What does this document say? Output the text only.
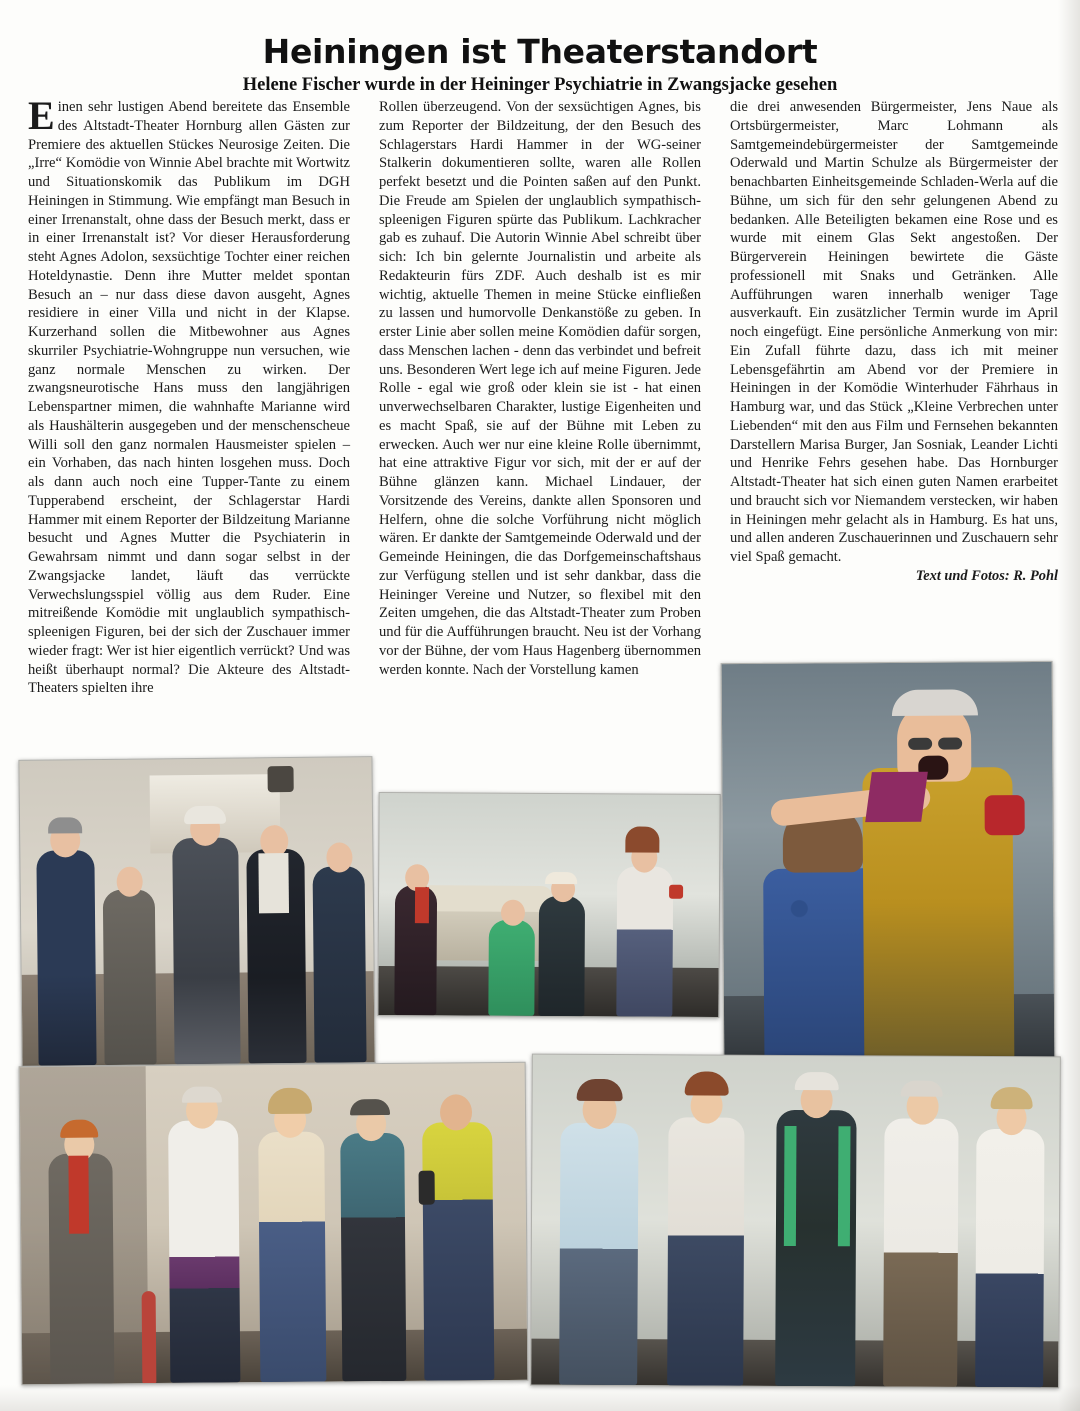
Heiningen ist Theaterstandort
Helene Fischer wurde in der Heininger Psychiatrie in Zwangsjacke gesehen

Einen sehr lustigen Abend bereitete das Ensemble des Altstadt-Theater Hornburg allen Gästen zur Premiere des aktuellen Stückes Neurosige Zeiten. Die „Irre“ Komödie von Winnie Abel brachte mit Wortwitz und Situationskomik das Publikum im DGH Heiningen in Stimmung. Wie empfängt man Besuch in einer Irrenanstalt, ohne dass der Besuch merkt, dass er in einer Irrenanstalt ist? Vor dieser Herausforderung steht Agnes Adolon, sexsüchtige Tochter einer reichen Hoteldynastie. Denn ihre Mutter meldet spontan Besuch an – nur dass diese davon ausgeht, Agnes residiere in einer Villa und nicht in der Klapse. Kurzerhand sollen die Mitbewohner aus Agnes skurriler Psychiatrie-Wohngruppe nun versuchen, wie ganz normale Menschen zu wirken. Der zwangsneurotische Hans muss den langjährigen Lebenspartner mimen, die wahnhafte Marianne wird als Haushälterin ausgegeben und der menschenscheue Willi soll den ganz normalen Hausmeister spielen – ein Vorhaben, das nach hinten losgehen muss. Doch als dann auch noch eine Tupper-Tante zu einem Tupperabend erscheint, der Schlagerstar Hardi Hammer mit einem Reporter der Bildzeitung Marianne besucht und Agnes Mutter die Psychiaterin in Gewahrsam nimmt und dann sogar selbst in der Zwangsjacke landet, läuft das verrückte Verwechslungsspiel völlig aus dem Ruder. Eine mitreißende Komödie mit unglaublich sympathisch-spleenigen Figuren, bei der sich der Zuschauer immer wieder fragt: Wer ist hier eigentlich verrückt? Und was heißt überhaupt normal? Die Akteure des Altstadt-Theaters spielten ihre

Rollen überzeugend. Von der sexsüchtigen Agnes, bis zum Reporter der Bildzeitung, der den Besuch des Schlagerstars Hardi Hammer in der WG-seiner Stalkerin dokumentieren sollte, waren alle Rollen perfekt besetzt und die Pointen saßen auf den Punkt. Die Freude am Spielen der unglaublich sympathisch-spleenigen Figuren spürte das Publikum. Lachkracher gab es zuhauf. Die Autorin Winnie Abel schreibt über sich: Ich bin gelernte Journalistin und arbeite als Redakteurin fürs ZDF. Auch deshalb ist es mir wichtig, aktuelle Themen in meine Stücke einfließen zu lassen und humorvolle Denkanstöße zu geben. In erster Linie aber sollen meine Komödien dafür sorgen, dass Menschen lachen - denn das verbindet und befreit uns. Besonderen Wert lege ich auf meine Figuren. Jede Rolle - egal wie groß oder klein sie ist - hat einen unverwechselbaren Charakter, lustige Eigenheiten und es macht Spaß, sie auf der Bühne mit Leben zu erwecken. Auch wer nur eine kleine Rolle übernimmt, hat eine attraktive Figur vor sich, mit der er auf der Bühne glänzen kann. Michael Lindauer, der Vorsitzende des Vereins, dankte allen Sponsoren und Helfern, ohne die solche Vorführung nicht möglich wären. Er dankte der Samtgemeinde Oderwald und der Gemeinde Heiningen, die das Dorfgemeinschaftshaus zur Verfügung stellen und ist sehr dankbar, dass die Heininger Vereine und Nutzer, so flexibel mit den Zeiten umgehen, die das Altstadt-Theater zum Proben und für die Aufführungen braucht. Neu ist der Vorhang vor der Bühne, der vom Haus Hagenberg übernommen werden konnte. Nach der Vorstellung kamen

die drei anwesenden Bürgermeister, Jens Naue als Ortsbürgermeister, Marc Lohmann als Samtgemeindebürgermeister der Samtgemeinde Oderwald und Martin Schulze als Bürgermeister der benachbarten Einheitsgemeinde Schladen-Werla auf die Bühne, um sich für den sehr gelungenen Abend zu bedanken. Alle Beteiligten bekamen eine Rose und es wurde mit einem Glas Sekt angestoßen. Der Bürgerverein Heiningen bewirtete die Gäste professionell mit Snaks und Getränken. Alle Aufführungen waren innerhalb weniger Tage ausverkauft. Ein zusätzlicher Termin wurde im April noch eingefügt. Eine persönliche Anmerkung von mir: Ein Zufall führte dazu, dass ich mit meiner Lebensgefährtin am Abend vor der Premiere in Heiningen in der Komödie Winterhuder Fährhaus in Hamburg war, und das Stück „Kleine Verbrechen unter Liebenden“ mit den aus Film und Fernsehen bekannten Darstellern Marisa Burger, Jan Sosniak, Leander Lichti und Henrike Fehrs gesehen habe. Das Hornburger Altstadt-Theater hat sich einen guten Namen erarbeitet und braucht sich vor Niemandem verstecken, wir haben in Heiningen mehr gelacht als in Hamburg. Es hat uns, und allen anderen Zuschauerinnen und Zuschauern sehr viel Spaß gemacht.

Text und Fotos: R. Pohl
